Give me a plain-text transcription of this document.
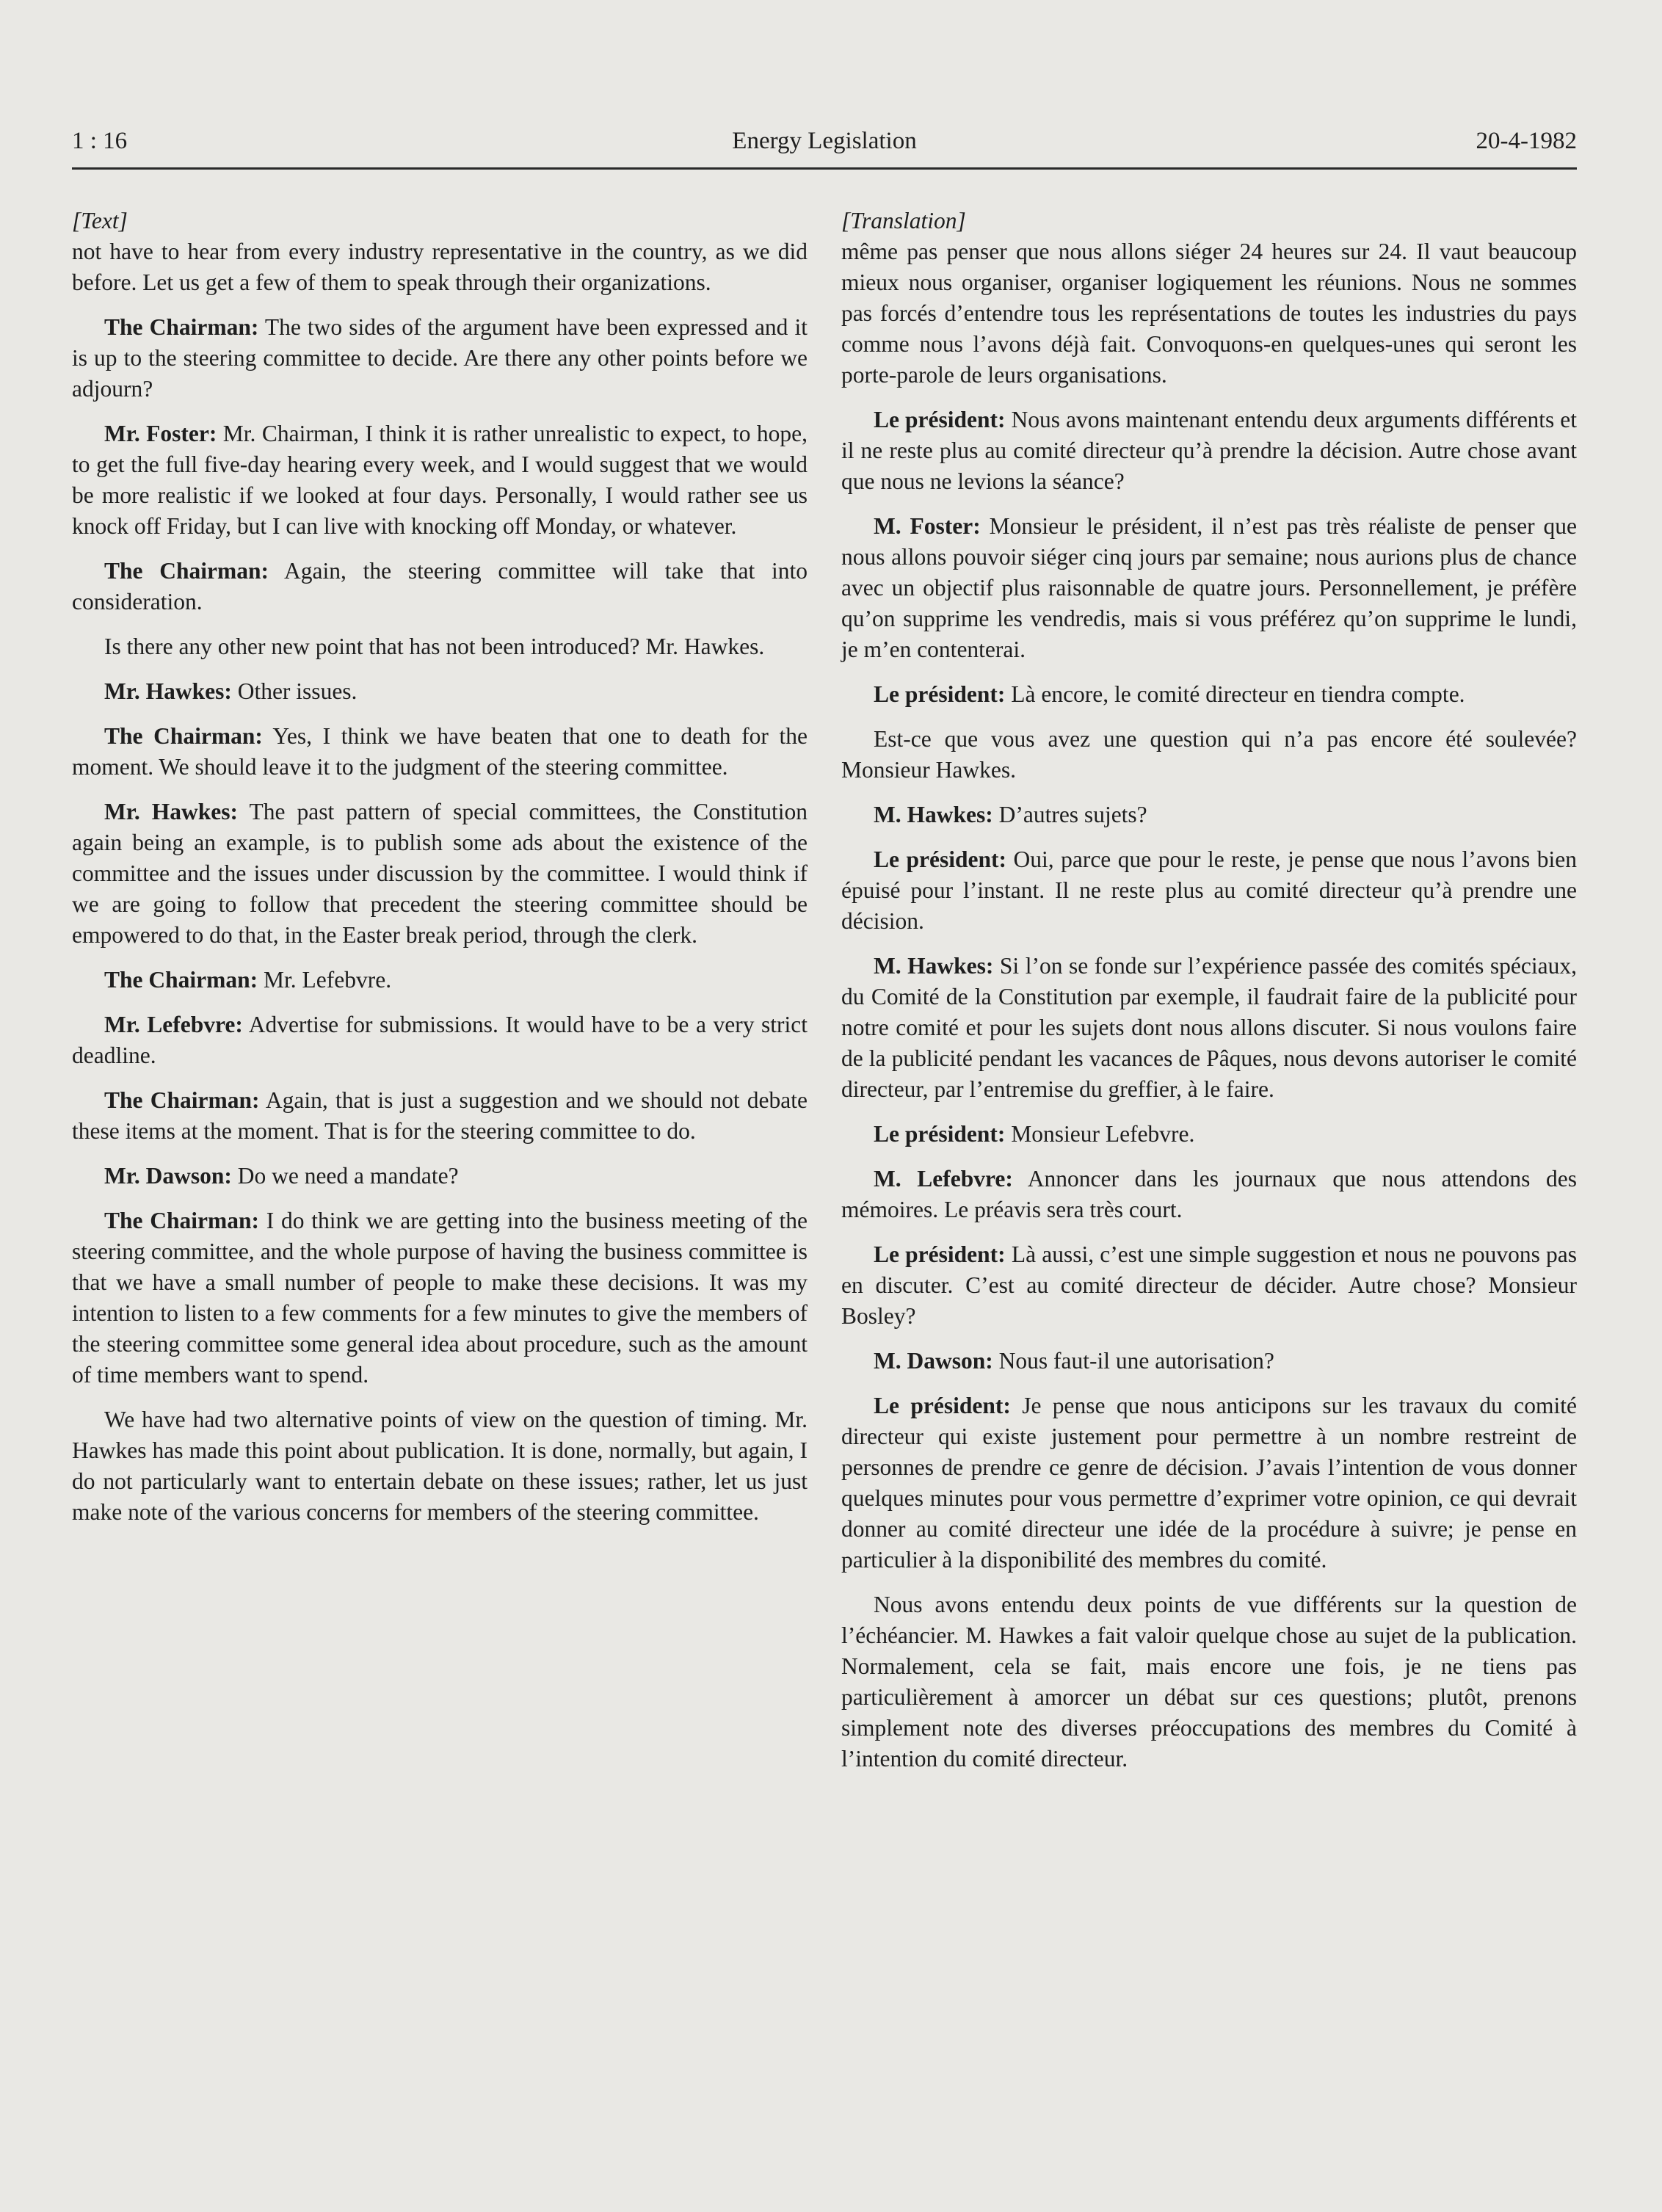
1 : 16	Energy Legislation	20-4-1982
[Text]

not have to hear from every industry representative in the country, as we did before. Let us get a few of them to speak through their organizations.

The Chairman: The two sides of the argument have been expressed and it is up to the steering committee to decide. Are there any other points before we adjourn?

Mr. Foster: Mr. Chairman, I think it is rather unrealistic to expect, to hope, to get the full five-day hearing every week, and I would suggest that we would be more realistic if we looked at four days. Personally, I would rather see us knock off Friday, but I can live with knocking off Monday, or whatever.

The Chairman: Again, the steering committee will take that into consideration.

Is there any other new point that has not been introduced? Mr. Hawkes.

Mr. Hawkes: Other issues.

The Chairman: Yes, I think we have beaten that one to death for the moment. We should leave it to the judgment of the steering committee.

Mr. Hawkes: The past pattern of special committees, the Constitution again being an example, is to publish some ads about the existence of the committee and the issues under discussion by the committee. I would think if we are going to follow that precedent the steering committee should be empowered to do that, in the Easter break period, through the clerk.

The Chairman: Mr. Lefebvre.

Mr. Lefebvre: Advertise for submissions. It would have to be a very strict deadline.

The Chairman: Again, that is just a suggestion and we should not debate these items at the moment. That is for the steering committee to do.

Mr. Dawson: Do we need a mandate?

The Chairman: I do think we are getting into the business meeting of the steering committee, and the whole purpose of having the business committee is that we have a small number of people to make these decisions. It was my intention to listen to a few comments for a few minutes to give the members of the steering committee some general idea about procedure, such as the amount of time members want to spend.

We have had two alternative points of view on the question of timing. Mr. Hawkes has made this point about publication. It is done, normally, but again, I do not particularly want to entertain debate on these issues; rather, let us just make note of the various concerns for members of the steering committee.

[Translation]

même pas penser que nous allons siéger 24 heures sur 24. Il vaut beaucoup mieux nous organiser, organiser logiquement les réunions. Nous ne sommes pas forcés d’entendre tous les représentations de toutes les industries du pays comme nous l’avons déjà fait. Convoquons-en quelques-unes qui seront les porte-parole de leurs organisations.

Le président: Nous avons maintenant entendu deux arguments différents et il ne reste plus au comité directeur qu’à prendre la décision. Autre chose avant que nous ne levions la séance?

M. Foster: Monsieur le président, il n’est pas très réaliste de penser que nous allons pouvoir siéger cinq jours par semaine; nous aurions plus de chance avec un objectif plus raisonnable de quatre jours. Personnellement, je préfère qu’on supprime les vendredis, mais si vous préférez qu’on supprime le lundi, je m’en contenterai.

Le président: Là encore, le comité directeur en tiendra compte.

Est-ce que vous avez une question qui n’a pas encore été soulevée? Monsieur Hawkes.

M. Hawkes: D’autres sujets?

Le président: Oui, parce que pour le reste, je pense que nous l’avons bien épuisé pour l’instant. Il ne reste plus au comité directeur qu’à prendre une décision.

M. Hawkes: Si l’on se fonde sur l’expérience passée des comités spéciaux, du Comité de la Constitution par exemple, il faudrait faire de la publicité pour notre comité et pour les sujets dont nous allons discuter. Si nous voulons faire de la publicité pendant les vacances de Pâques, nous devons autoriser le comité directeur, par l’entremise du greffier, à le faire.

Le président: Monsieur Lefebvre.

M. Lefebvre: Annoncer dans les journaux que nous attendons des mémoires. Le préavis sera très court.

Le président: Là aussi, c’est une simple suggestion et nous ne pouvons pas en discuter. C’est au comité directeur de décider. Autre chose? Monsieur Bosley?

M. Dawson: Nous faut-il une autorisation?

Le président: Je pense que nous anticipons sur les travaux du comité directeur qui existe justement pour permettre à un nombre restreint de personnes de prendre ce genre de décision. J’avais l’intention de vous donner quelques minutes pour vous permettre d’exprimer votre opinion, ce qui devrait donner au comité directeur une idée de la procédure à suivre; je pense en particulier à la disponibilité des membres du comité.

Nous avons entendu deux points de vue différents sur la question de l’échéancier. M. Hawkes a fait valoir quelque chose au sujet de la publication. Normalement, cela se fait, mais encore une fois, je ne tiens pas particulièrement à amorcer un débat sur ces questions; plutôt, prenons simplement note des diverses préoccupations des membres du Comité à l’intention du comité directeur.
